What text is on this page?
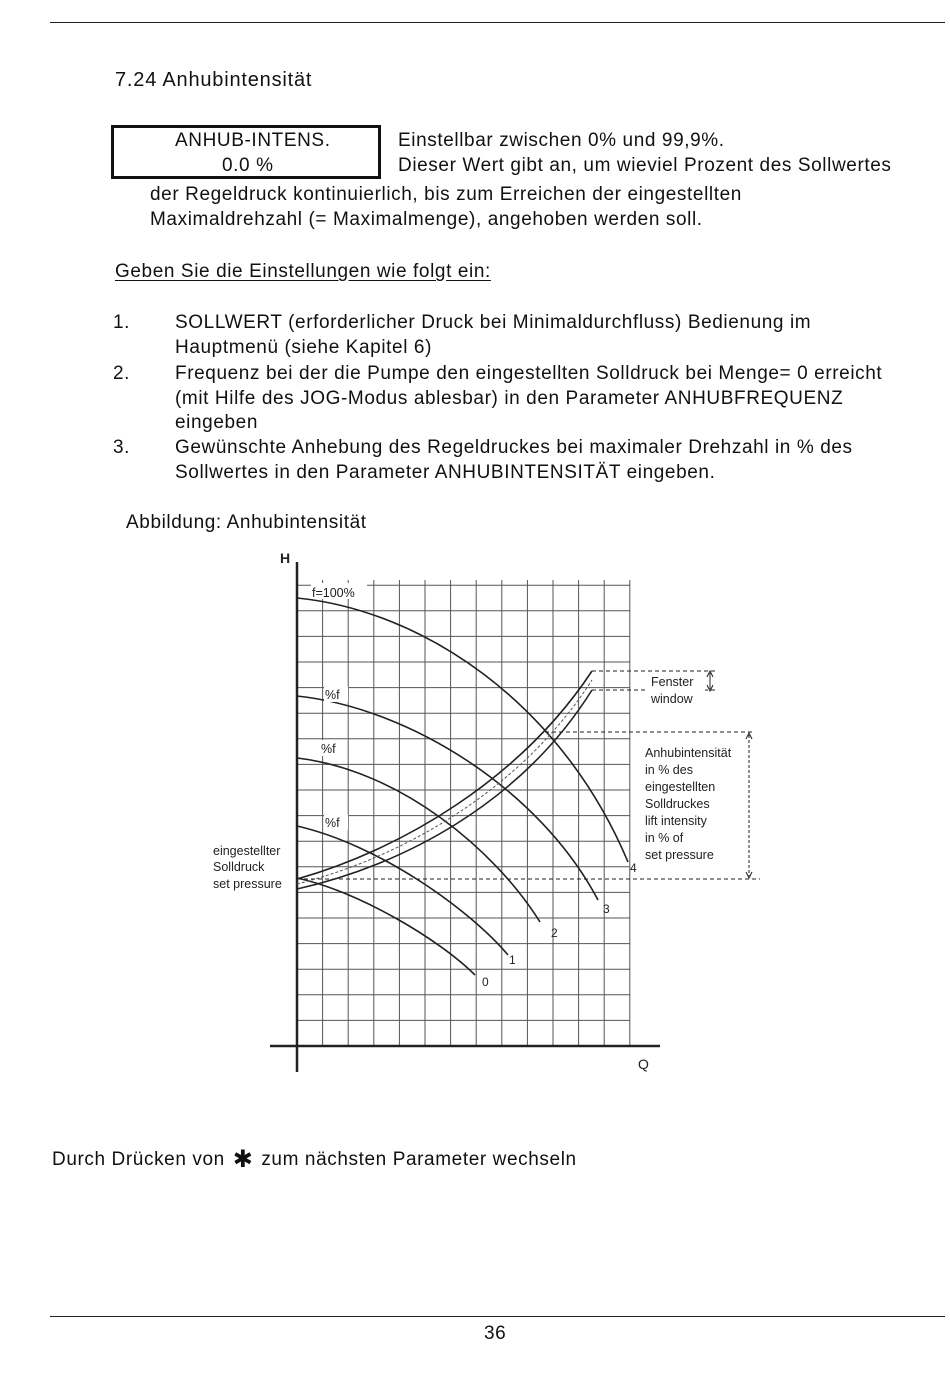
7.24 Anhubintensität
ANHUB-INTENS.
0.0 %
Einstellbar zwischen 0% und 99,9%.
Dieser Wert gibt an, um wieviel Prozent des Sollwertes
der Regeldruck kontinuierlich, bis zum Erreichen der eingestellten
Maximaldrehzahl (= Maximalmenge), angehoben werden soll.
Geben Sie die Einstellungen wie folgt ein:
1. SOLLWERT (erforderlicher Druck bei Minimaldurchfluss) Bedienung im
Hauptmenü (siehe Kapitel 6)
2. Frequenz bei der die Pumpe den eingestellten Solldruck bei Menge= 0 erreicht
(mit Hilfe des JOG-Modus ablesbar) in den Parameter ANHUBFREQUENZ
eingeben
3. Gewünschte Anhebung des Regeldruckes bei maximaler Drehzahl in % des
Sollwertes in den Parameter ANHUBINTENSITÄT eingeben.
Abbildung: Anhubintensität
H
Q
f=100%
%f
%f
%f
4
3
2
1
0
eingestellter
Solldruck
set pressure
Fenster
window
Anhubintensität
in % des
eingestellten
Solldruckes
lift intensity
in % of
set pressure
Durch Drücken von ✱ zum nächsten Parameter wechseln
36
